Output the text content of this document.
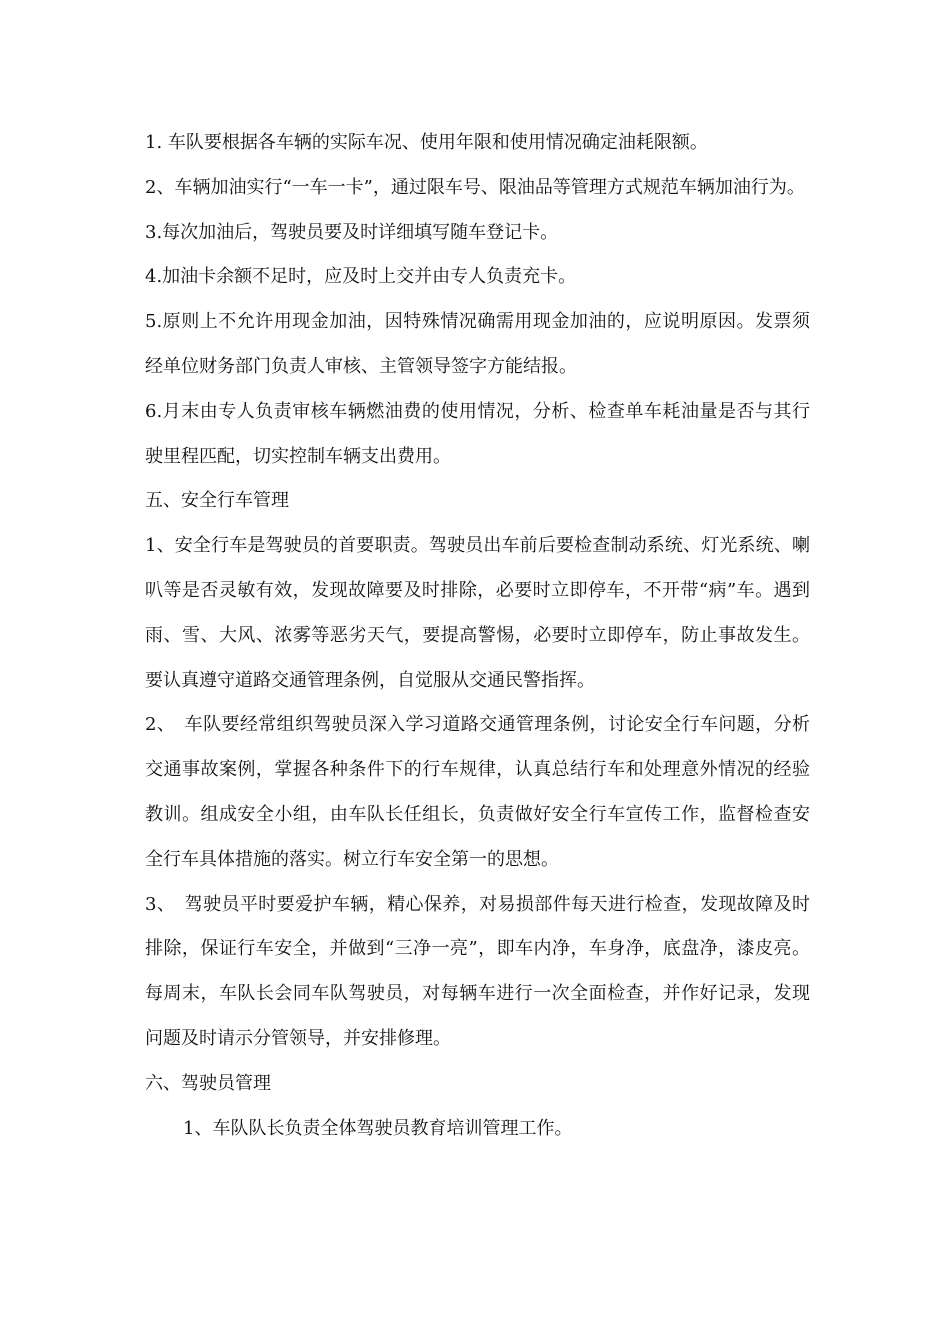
1. 车队要根据各车辆的实际车况、使用年限和使用情况确定油耗限额。

2、车辆加油实行“一车一卡”，通过限车号、限油品等管理方式规范车辆加油行为。

3.每次加油后，驾驶员要及时详细填写随车登记卡。

4.加油卡余额不足时，应及时上交并由专人负责充卡。

5.原则上不允许用现金加油，因特殊情况确需用现金加油的，应说明原因。发票须经单位财务部门负责人审核、主管领导签字方能结报。

6.月末由专人负责审核车辆燃油费的使用情况，分析、检查单车耗油量是否与其行驶里程匹配，切实控制车辆支出费用。

五、安全行车管理

1、安全行车是驾驶员的首要职责。驾驶员出车前后要检查制动系统、灯光系统、喇叭等是否灵敏有效，发现故障要及时排除，必要时立即停车，不开带“病”车。遇到雨、雪、大风、浓雾等恶劣天气，要提高警惕，必要时立即停车，防止事故发生。要认真遵守道路交通管理条例，自觉服从交通民警指挥。

2、　车队要经常组织驾驶员深入学习道路交通管理条例，讨论安全行车问题，分析交通事故案例，掌握各种条件下的行车规律，认真总结行车和处理意外情况的经验教训。组成安全小组，由车队长任组长，负责做好安全行车宣传工作，监督检查安全行车具体措施的落实。树立行车安全第一的思想。

3、　驾驶员平时要爱护车辆，精心保养，对易损部件每天进行检查，发现故障及时排除，保证行车安全，并做到“三净一亮”，即车内净，车身净，底盘净，漆皮亮。每周末，车队长会同车队驾驶员，对每辆车进行一次全面检查，并作好记录，发现问题及时请示分管领导，并安排修理。

六、驾驶员管理

1、车队队长负责全体驾驶员教育培训管理工作。
